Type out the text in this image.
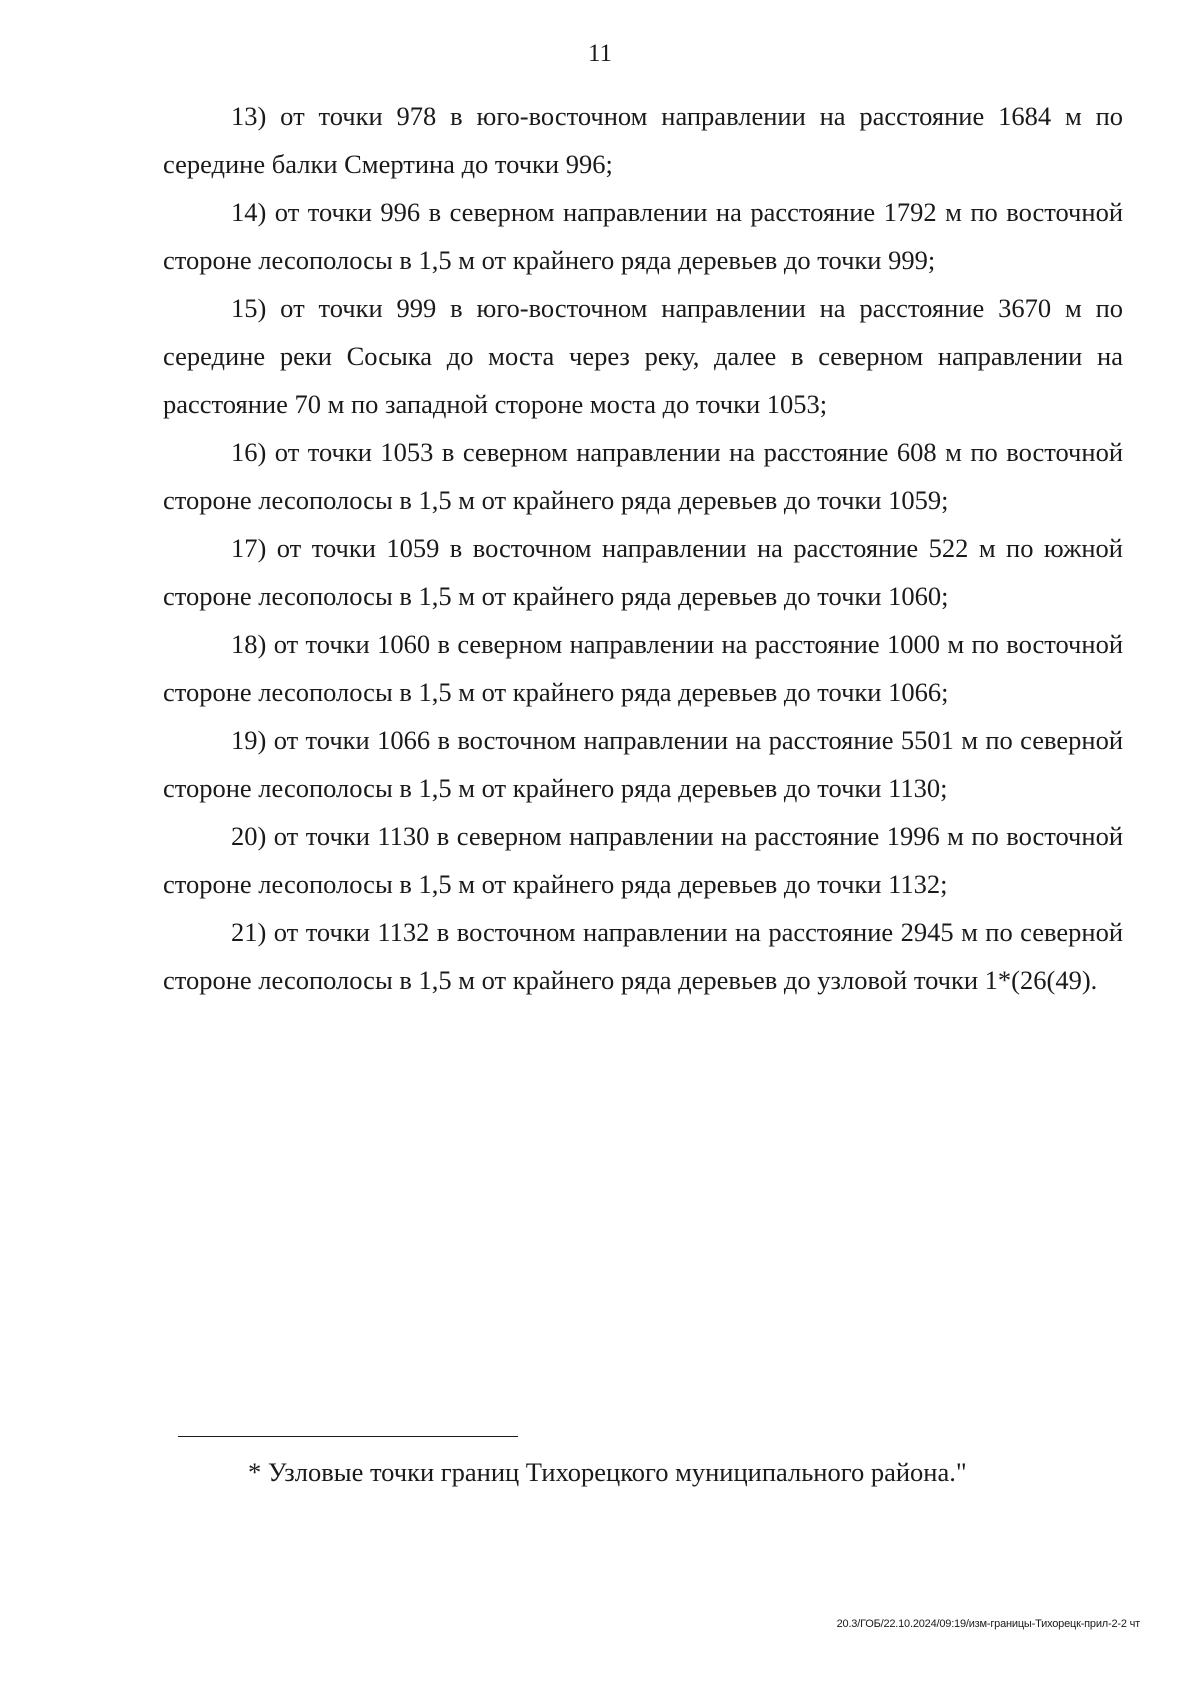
11

13) от точки 978 в юго-восточном направлении на расстояние 1684 м по середине балки Смертина до точки 996;

14) от точки 996 в северном направлении на расстояние 1792 м по восточной стороне лесополосы в 1,5 м от крайнего ряда деревьев до точки 999;

15) от точки 999 в юго-восточном направлении на расстояние 3670 м по середине реки Сосыка до моста через реку, далее в северном направлении на расстояние 70 м по западной стороне моста до точки 1053;

16) от точки 1053 в северном направлении на расстояние 608 м по восточной стороне лесополосы в 1,5 м от крайнего ряда деревьев до точки 1059;

17) от точки 1059 в восточном направлении на расстояние 522 м по южной стороне лесополосы в 1,5 м от крайнего ряда деревьев до точки 1060;

18) от точки 1060 в северном направлении на расстояние 1000 м по восточной стороне лесополосы в 1,5 м от крайнего ряда деревьев до точки 1066;

19) от точки 1066 в восточном направлении на расстояние 5501 м по северной стороне лесополосы в 1,5 м от крайнего ряда деревьев до точки 1130;

20) от точки 1130 в северном направлении на расстояние 1996 м по восточной стороне лесополосы в 1,5 м от крайнего ряда деревьев до точки 1132;

21) от точки 1132 в восточном направлении на расстояние 2945 м по северной стороне лесополосы в 1,5 м от крайнего ряда деревьев до узловой точки 1*(26(49).

* Узловые точки границ Тихорецкого муниципального района."
20.3/ГОБ/22.10.2024/09:19/изм-границы-Тихорецк-прил-2-2 чт
